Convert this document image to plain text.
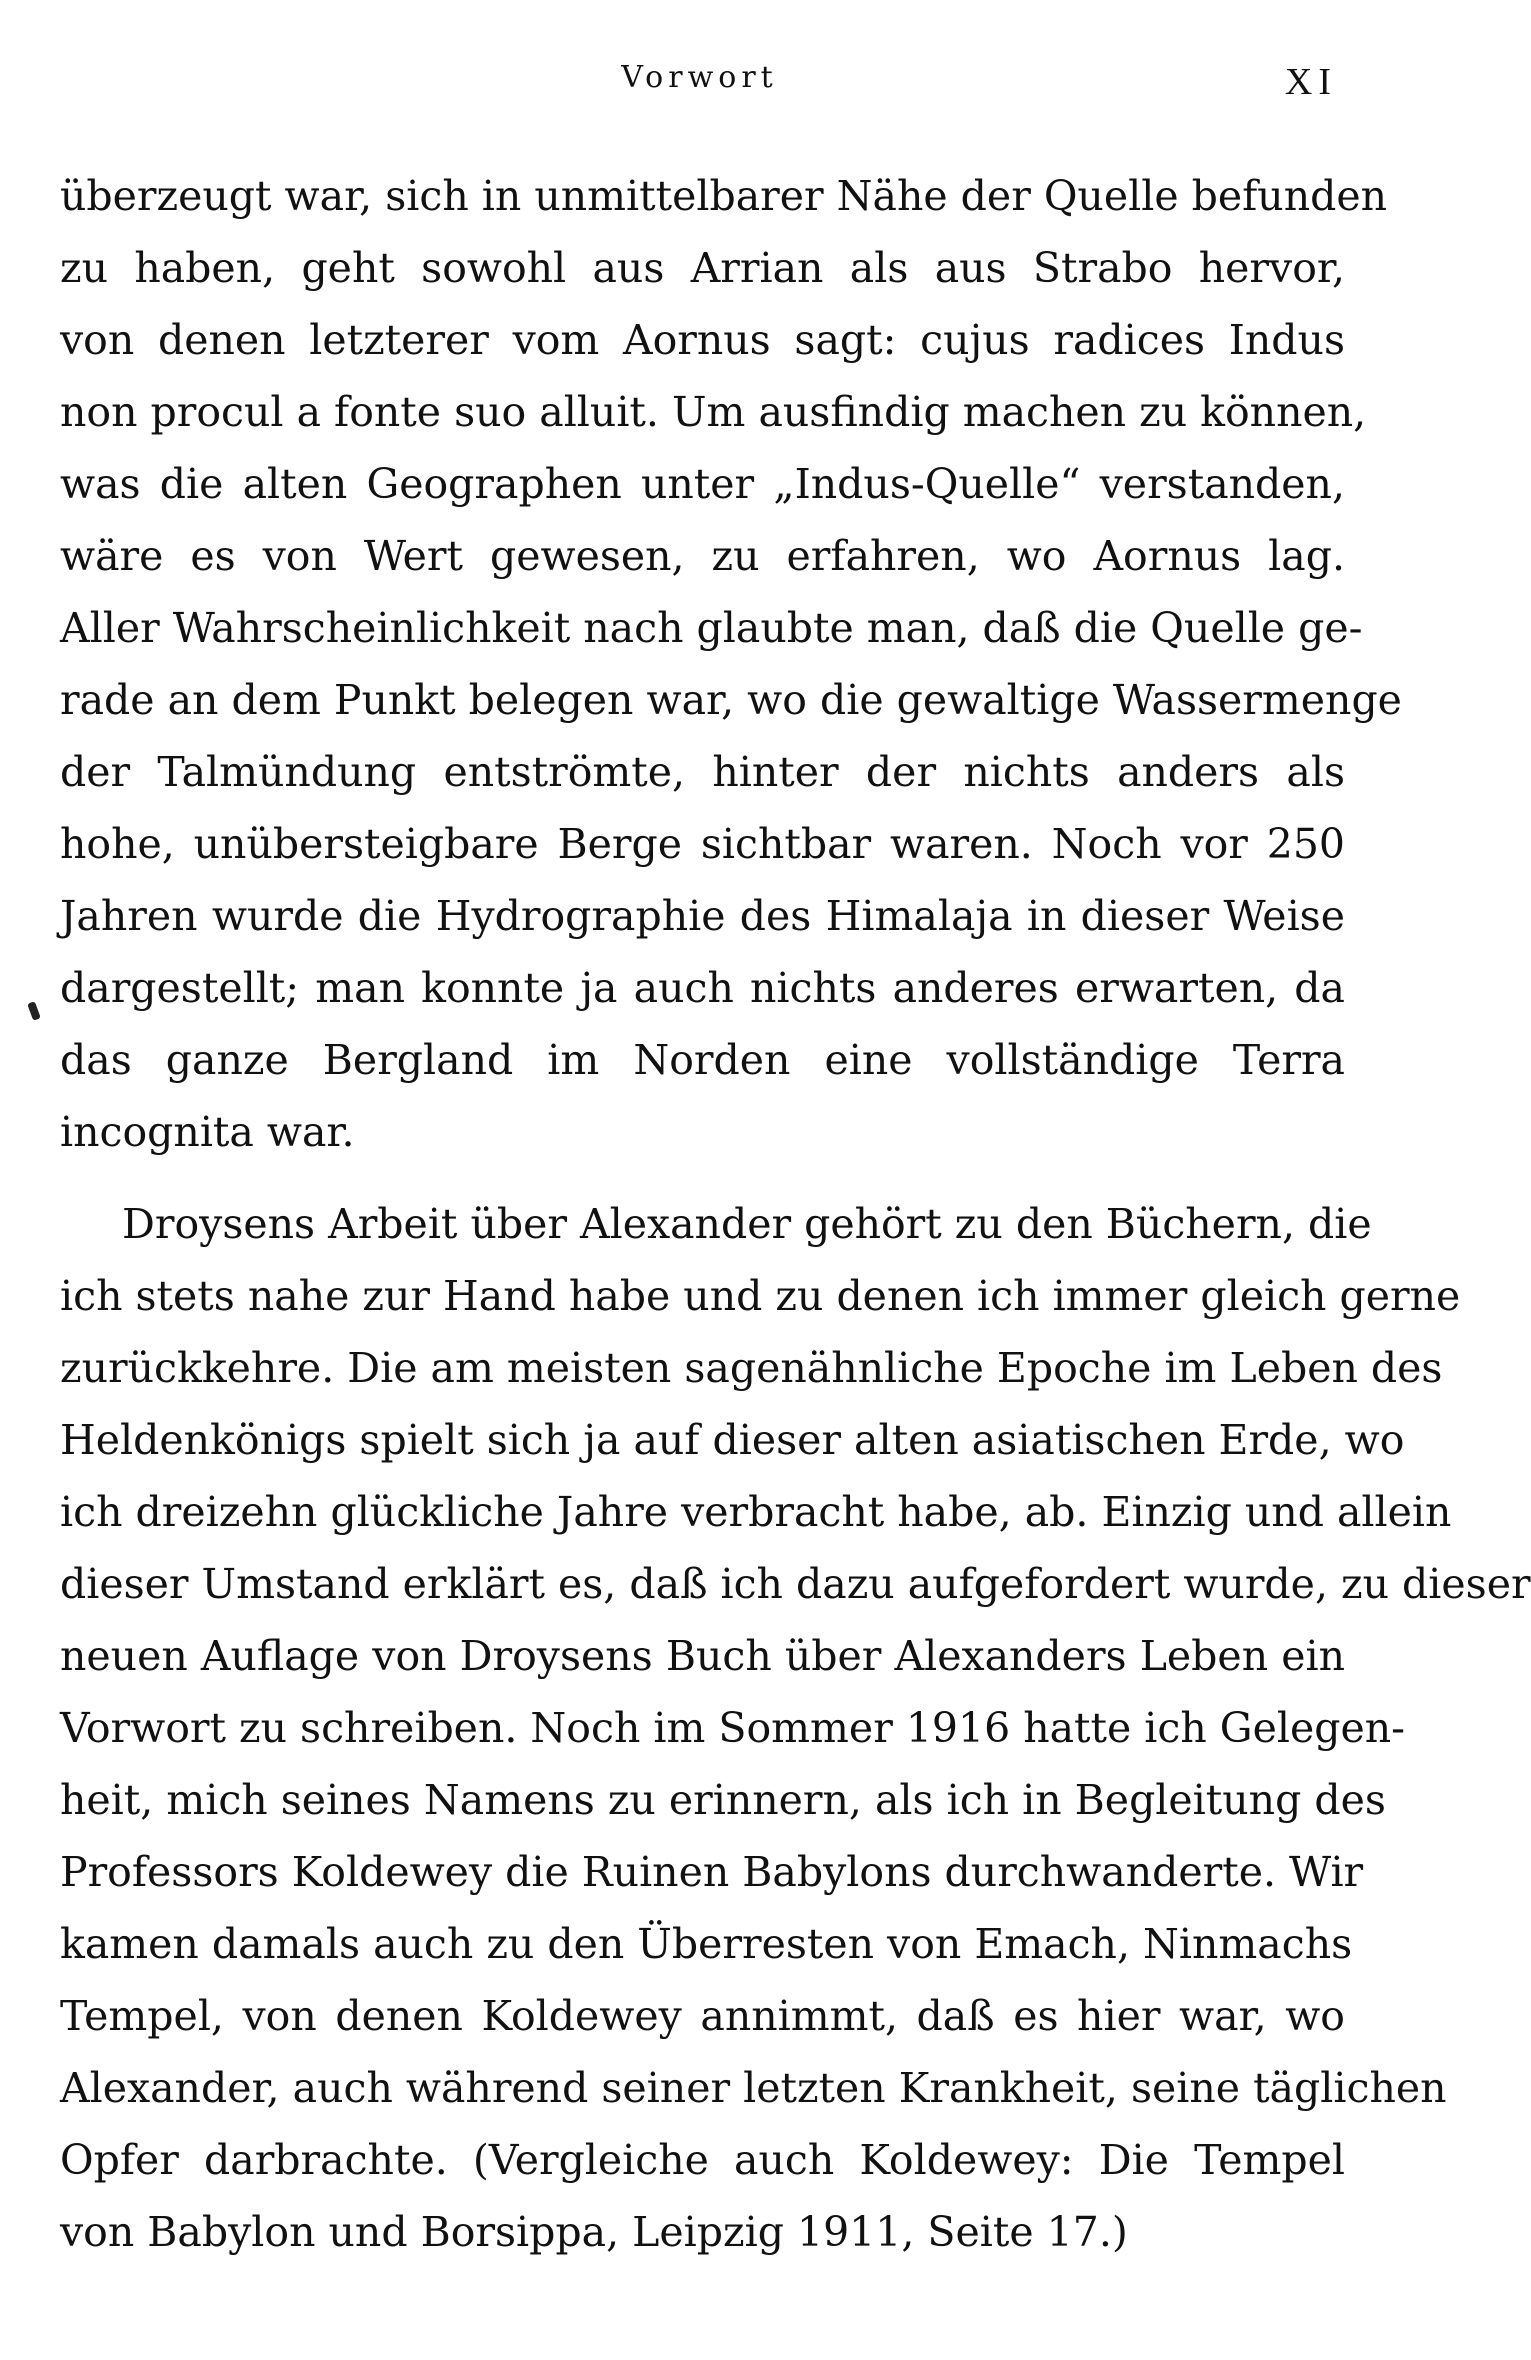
Vorwort	XI
überzeugt war, sich in unmittelbarer Nähe der Quelle befunden
zu haben, geht sowohl aus Arrian als aus Strabo hervor,
von denen letzterer vom Aornus sagt: cujus radices Indus
non procul a fonte suo alluit. Um ausfindig machen zu können,
was die alten Geographen unter „Indus-Quelle“ verstanden,
wäre es von Wert gewesen, zu erfahren, wo Aornus lag.
Aller Wahrscheinlichkeit nach glaubte man, daß die Quelle ge-
rade an dem Punkt belegen war, wo die gewaltige Wassermenge
der Talmündung entströmte, hinter der nichts anders als
hohe, unübersteigbare Berge sichtbar waren. Noch vor 250
Jahren wurde die Hydrographie des Himalaja in dieser Weise
dargestellt; man konnte ja auch nichts anderes erwarten, da
das ganze Bergland im Norden eine vollständige Terra
incognita war.
Droysens Arbeit über Alexander gehört zu den Büchern, die
ich stets nahe zur Hand habe und zu denen ich immer gleich gerne
zurückkehre. Die am meisten sagenähnliche Epoche im Leben des
Heldenkönigs spielt sich ja auf dieser alten asiatischen Erde, wo
ich dreizehn glückliche Jahre verbracht habe, ab. Einzig und allein
dieser Umstand erklärt es, daß ich dazu aufgefordert wurde, zu dieser
neuen Auflage von Droysens Buch über Alexanders Leben ein
Vorwort zu schreiben. Noch im Sommer 1916 hatte ich Gelegen-
heit, mich seines Namens zu erinnern, als ich in Begleitung des
Professors Koldewey die Ruinen Babylons durchwanderte. Wir
kamen damals auch zu den Überresten von Emach, Ninmachs
Tempel, von denen Koldewey annimmt, daß es hier war, wo
Alexander, auch während seiner letzten Krankheit, seine täglichen
Opfer darbrachte. (Vergleiche auch Koldewey: Die Tempel
von Babylon und Borsippa, Leipzig 1911, Seite 17.)
